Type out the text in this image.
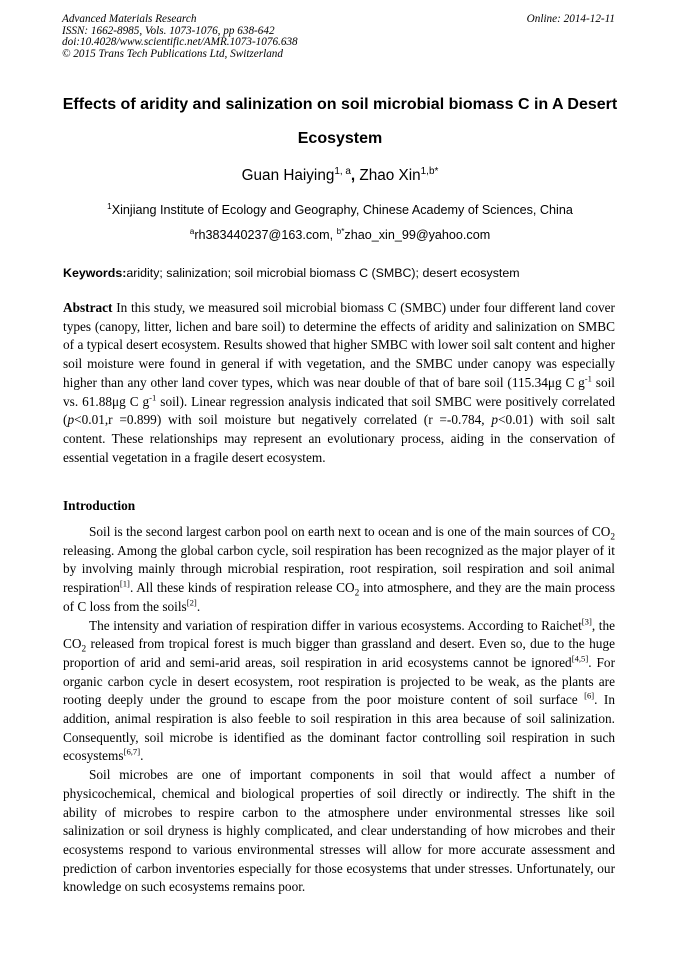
Advanced Materials Research
ISSN: 1662-8985, Vols. 1073-1076, pp 638-642
doi:10.4028/www.scientific.net/AMR.1073-1076.638
© 2015 Trans Tech Publications Ltd, Switzerland
Online: 2014-12-11
Effects of aridity and salinization on soil microbial biomass C in A Desert
Ecosystem
Guan Haiying$^{1, a}$, Zhao Xin$^{1,b*}$
$^1$Xinjiang Institute of Ecology and Geography, Chinese Academy of Sciences, China
$^a$rh383440237@163.com, $^{b*}$zhao_xin_99@yahoo.com
Keywords:aridity; salinization; soil microbial biomass C (SMBC); desert ecosystem

Abstract In this study, we measured soil microbial biomass C (SMBC) under four different land cover types (canopy, litter, lichen and bare soil) to determine the effects of aridity and salinization on SMBC of a typical desert ecosystem. Results showed that higher SMBC with lower soil salt content and higher soil moisture were found in general if with vegetation, and the SMBC under canopy was especially higher than any other land cover types, which was near double of that of bare soil (115.34μg C $g^{-1}$ soil vs. 61.88μg C $g^{-1}$ soil). Linear regression analysis indicated that soil SMBC were positively correlated (p<0.01,r =0.899) with soil moisture but negatively correlated (r =-0.784, p<0.01) with soil salt content. These relationships may represent an evolutionary process, aiding in the conservation of essential vegetation in a fragile desert ecosystem.

Introduction

Soil is the second largest carbon pool on earth next to ocean and is one of the main sources of $CO_2$ releasing. Among the global carbon cycle, soil respiration has been recognized as the major player of it by involving mainly through microbial respiration, root respiration, soil respiration and soil animal respiration[1]. All these kinds of respiration release $CO_2$ into atmosphere, and they are the main process of C loss from the soils[2].

The intensity and variation of respiration differ in various ecosystems. According to Raichet[3], the $CO_2$ released from tropical forest is much bigger than grassland and desert. Even so, due to the huge proportion of arid and semi-arid areas, soil respiration in arid ecosystems cannot be ignored[4,5]. For organic carbon cycle in desert ecosystem, root respiration is projected to be weak, as the plants are rooting deeply under the ground to escape from the poor moisture content of soil surface [6]. In addition, animal respiration is also feeble to soil respiration in this area because of soil salinization. Consequently, soil microbe is identified as the dominant factor controlling soil respiration in such ecosystems[6,7].

Soil microbes are one of important components in soil that would affect a number of physicochemical, chemical and biological properties of soil directly or indirectly. The shift in the ability of microbes to respire carbon to the atmosphere under environmental stresses like soil salinization or soil dryness is highly complicated, and clear understanding of how microbes and their ecosystems respond to various environmental stresses will allow for more accurate assessment and prediction of carbon inventories especially for those ecosystems that under stresses. Unfortunately, our knowledge on such ecosystems remains poor.
